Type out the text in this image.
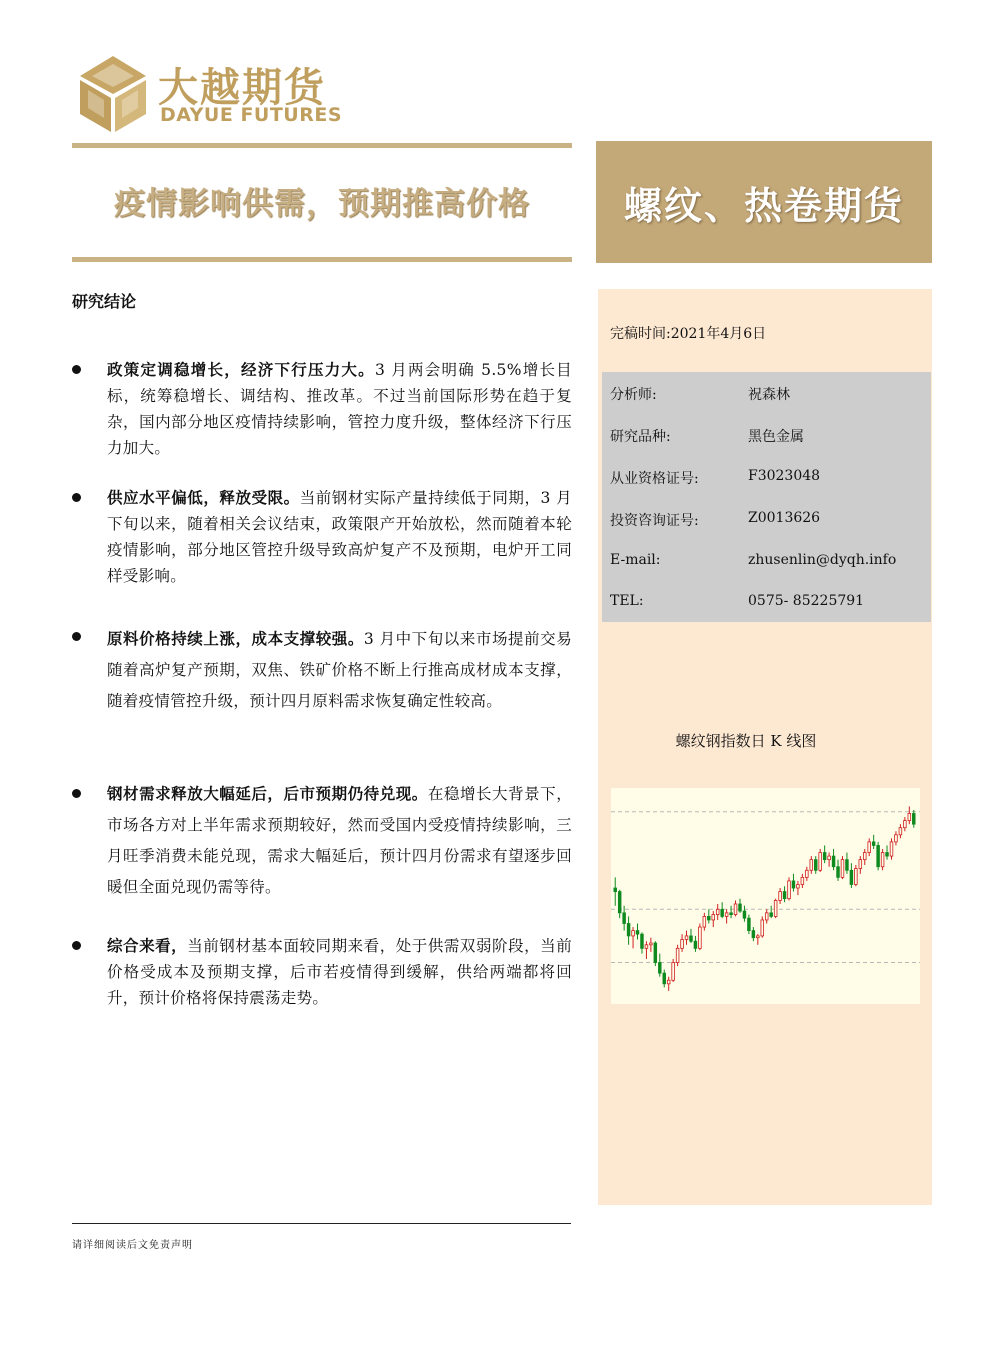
大越期货
DAYUE FUTURES
疫情影响供需，预期推高价格	螺纹、热卷期货
研究结论
政策定调稳增长，经济下行压力大。3 月两会明确 5.5%增长目标，统筹稳增长、调结构、推改革。不过当前国际形势在趋于复杂，国内部分地区疫情持续影响，管控力度升级，整体经济下行压力加大。
供应水平偏低，释放受限。当前钢材实际产量持续低于同期，3 月下旬以来，随着相关会议结束，政策限产开始放松，然而随着本轮疫情影响，部分地区管控升级导致高炉复产不及预期，电炉开工同样受影响。
原料价格持续上涨，成本支撑较强。3 月中下旬以来市场提前交易随着高炉复产预期，双焦、铁矿价格不断上行推高成材成本支撑，随着疫情管控升级，预计四月原料需求恢复确定性较高。
钢材需求释放大幅延后，后市预期仍待兑现。在稳增长大背景下，市场各方对上半年需求预期较好，然而受国内受疫情持续影响，三月旺季消费未能兑现，需求大幅延后，预计四月份需求有望逐步回暖但全面兑现仍需等待。
综合来看，当前钢材基本面较同期来看，处于供需双弱阶段，当前价格受成本及预期支撑，后市若疫情得到缓解，供给两端都将回升，预计价格将保持震荡走势。
完稿时间:2021年4月6日
分析师:	祝森林
研究品种:	黑色金属
从业资格证号:	F3023048
投资咨询证号:	Z0013626
E-mail:	zhusenlin@dyqh.info
TEL:	0575- 85225791
螺纹钢指数日 K 线图
请详细阅读后文免责声明
